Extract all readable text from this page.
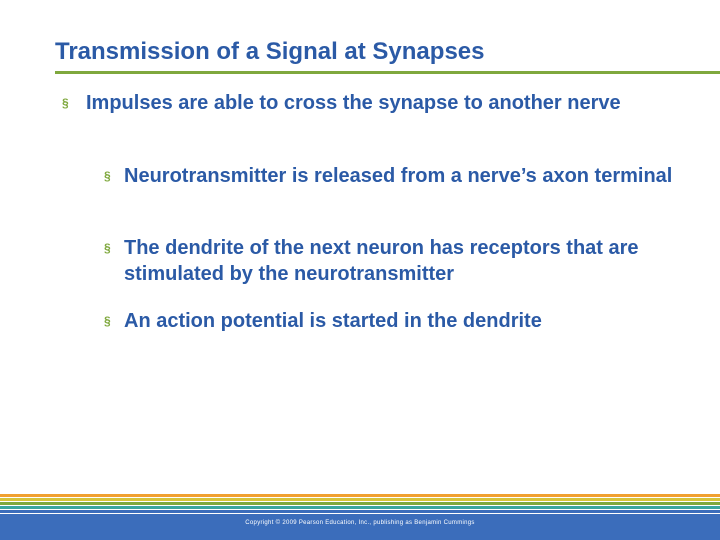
Transmission of a Signal at Synapses
§ Impulses are able to cross the synapse to another nerve
§ Neurotransmitter is released from a nerve’s axon terminal
§ The dendrite of the next neuron has receptors that are stimulated by the neurotransmitter
§ An action potential is started in the dendrite
Copyright © 2009 Pearson Education, Inc., publishing as Benjamin Cummings
